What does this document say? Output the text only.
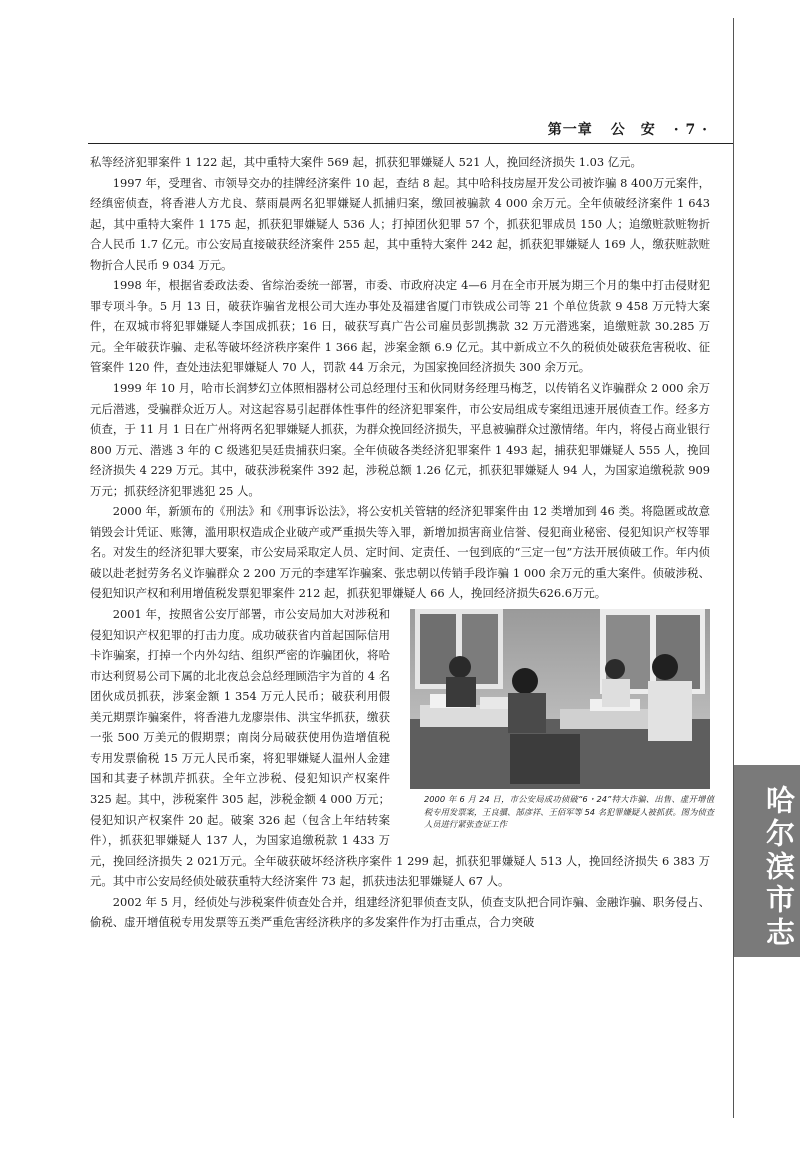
第一章 公　安 · 7 ·

私等经济犯罪案件 1 122 起，其中重特大案件 569 起，抓获犯罪嫌疑人 521 人，挽回经济损失 1.03 亿元。

1997 年，受理省、市领导交办的挂牌经济案件 10 起，查结 8 起。其中哈科技房屋开发公司被诈骗 8 400万元案件，经缜密侦查，将香港人方尤良、蔡雨晨两名犯罪嫌疑人抓捕归案，缴回被骗款 4 000 余万元。全年侦破经济案件 1 643 起，其中重特大案件 1 175 起，抓获犯罪嫌疑人 536 人；打掉团伙犯罪 57 个，抓获犯罪成员 150 人；追缴赃款赃物折合人民币 1.7 亿元。市公安局直接破获经济案件 255 起，其中重特大案件 242 起，抓获犯罪嫌疑人 169 人，缴获赃款赃物折合人民币 9 034 万元。

1998 年，根据省委政法委、省综治委统一部署，市委、市政府决定 4—6 月在全市开展为期三个月的集中打击侵财犯罪专项斗争。5 月 13 日，破获诈骗省龙根公司大连办事处及福建省厦门市铁成公司等 21 个单位货款 9 458 万元特大案件，在双城市将犯罪嫌疑人李国成抓获；16 日，破获写真广告公司雇员彭凯携款 32 万元潜逃案，追缴赃款 30.285 万元。全年破获诈骗、走私等破坏经济秩序案件 1 366 起，涉案金额 6.9 亿元。其中新成立不久的税侦处破获危害税收、征管案件 120 件，查处违法犯罪嫌疑人 70 人，罚款 44 万余元，为国家挽回经济损失 300 余万元。

1999 年 10 月，哈市长润梦幻立体照相器材公司总经理付玉和伙同财务经理马梅芝，以传销名义诈骗群众 2 000 余万元后潜逃，受骗群众近万人。对这起容易引起群体性事件的经济犯罪案件，市公安局组成专案组迅速开展侦查工作。经多方侦查，于 11 月 1 日在广州将两名犯罪嫌疑人抓获，为群众挽回经济损失，平息被骗群众过激情绪。年内，将侵占商业银行 800 万元、潜逃 3 年的 C 级逃犯吴廷贵捕获归案。全年侦破各类经济犯罪案件 1 493 起，捕获犯罪嫌疑人 555 人，挽回经济损失 4 229 万元。其中，破获涉税案件 392 起，涉税总额 1.26 亿元，抓获犯罪嫌疑人 94 人，为国家追缴税款 909 万元；抓获经济犯罪逃犯 25 人。

2000 年，新颁布的《刑法》和《刑事诉讼法》，将公安机关管辖的经济犯罪案件由 12 类增加到 46 类。将隐匿或故意销毁会计凭证、账簿，滥用职权造成企业破产或严重损失等入罪，新增加损害商业信誉、侵犯商业秘密、侵犯知识产权等罪名。对发生的经济犯罪大要案，市公安局采取定人员、定时间、定责任、一包到底的“三定一包”方法开展侦破工作。年内侦破以赴老挝劳务名义诈骗群众 2 200 万元的李建军诈骗案、张忠朝以传销手段诈骗 1 000 余万元的重大案件。侦破涉税、侵犯知识产权和利用增值税发票犯罪案件 212 起，抓获犯罪嫌疑人 66 人，挽回经济损失626.6万元。

2000 年 6 月 24 日，市公安局成功侦破“6・24”特大诈骗、出售、虚开增值税专用发票案，王良骥、郜彦祥、王佰军等 54 名犯罪嫌疑人被抓获。图为侦查人员进行紧张查证工作

2001 年，按照省公安厅部署，市公安局加大对涉税和侵犯知识产权犯罪的打击力度。成功破获省内首起国际信用卡诈骗案，打掉一个内外勾结、组织严密的诈骗团伙，将哈市达利贸易公司下属的北北夜总会总经理顾浩宇为首的 4 名团伙成员抓获，涉案金额 1 354 万元人民币；破获利用假美元期票诈骗案件，将香港九龙廖崇伟、洪宝华抓获，缴获一张 500 万美元的假期票；南岗分局破获使用伪造增值税专用发票偷税 15 万元人民币案，将犯罪嫌疑人温州人金建国和其妻子林凯芹抓获。全年立涉税、侵犯知识产权案件 325 起。其中，涉税案件 305 起，涉税金额 4 000 万元；侵犯知识产权案件 20 起。破案 326 起（包含上年结转案件），抓获犯罪嫌疑人 137 人，为国家追缴税款 1 433 万元，挽回经济损失 2 021万元。全年破获破坏经济秩序案件 1 299 起，抓获犯罪嫌疑人 513 人，挽回经济损失 6 383 万元。其中市公安局经侦处破获重特大经济案件 73 起，抓获违法犯罪嫌疑人 67 人。

2002 年 5 月，经侦处与涉税案件侦查处合并，组建经济犯罪侦查支队，侦查支队把合同诈骗、金融诈骗、职务侵占、偷税、虚开增值税专用发票等五类严重危害经济秩序的多发案件作为打击重点，合力突破	哈尔滨市志
